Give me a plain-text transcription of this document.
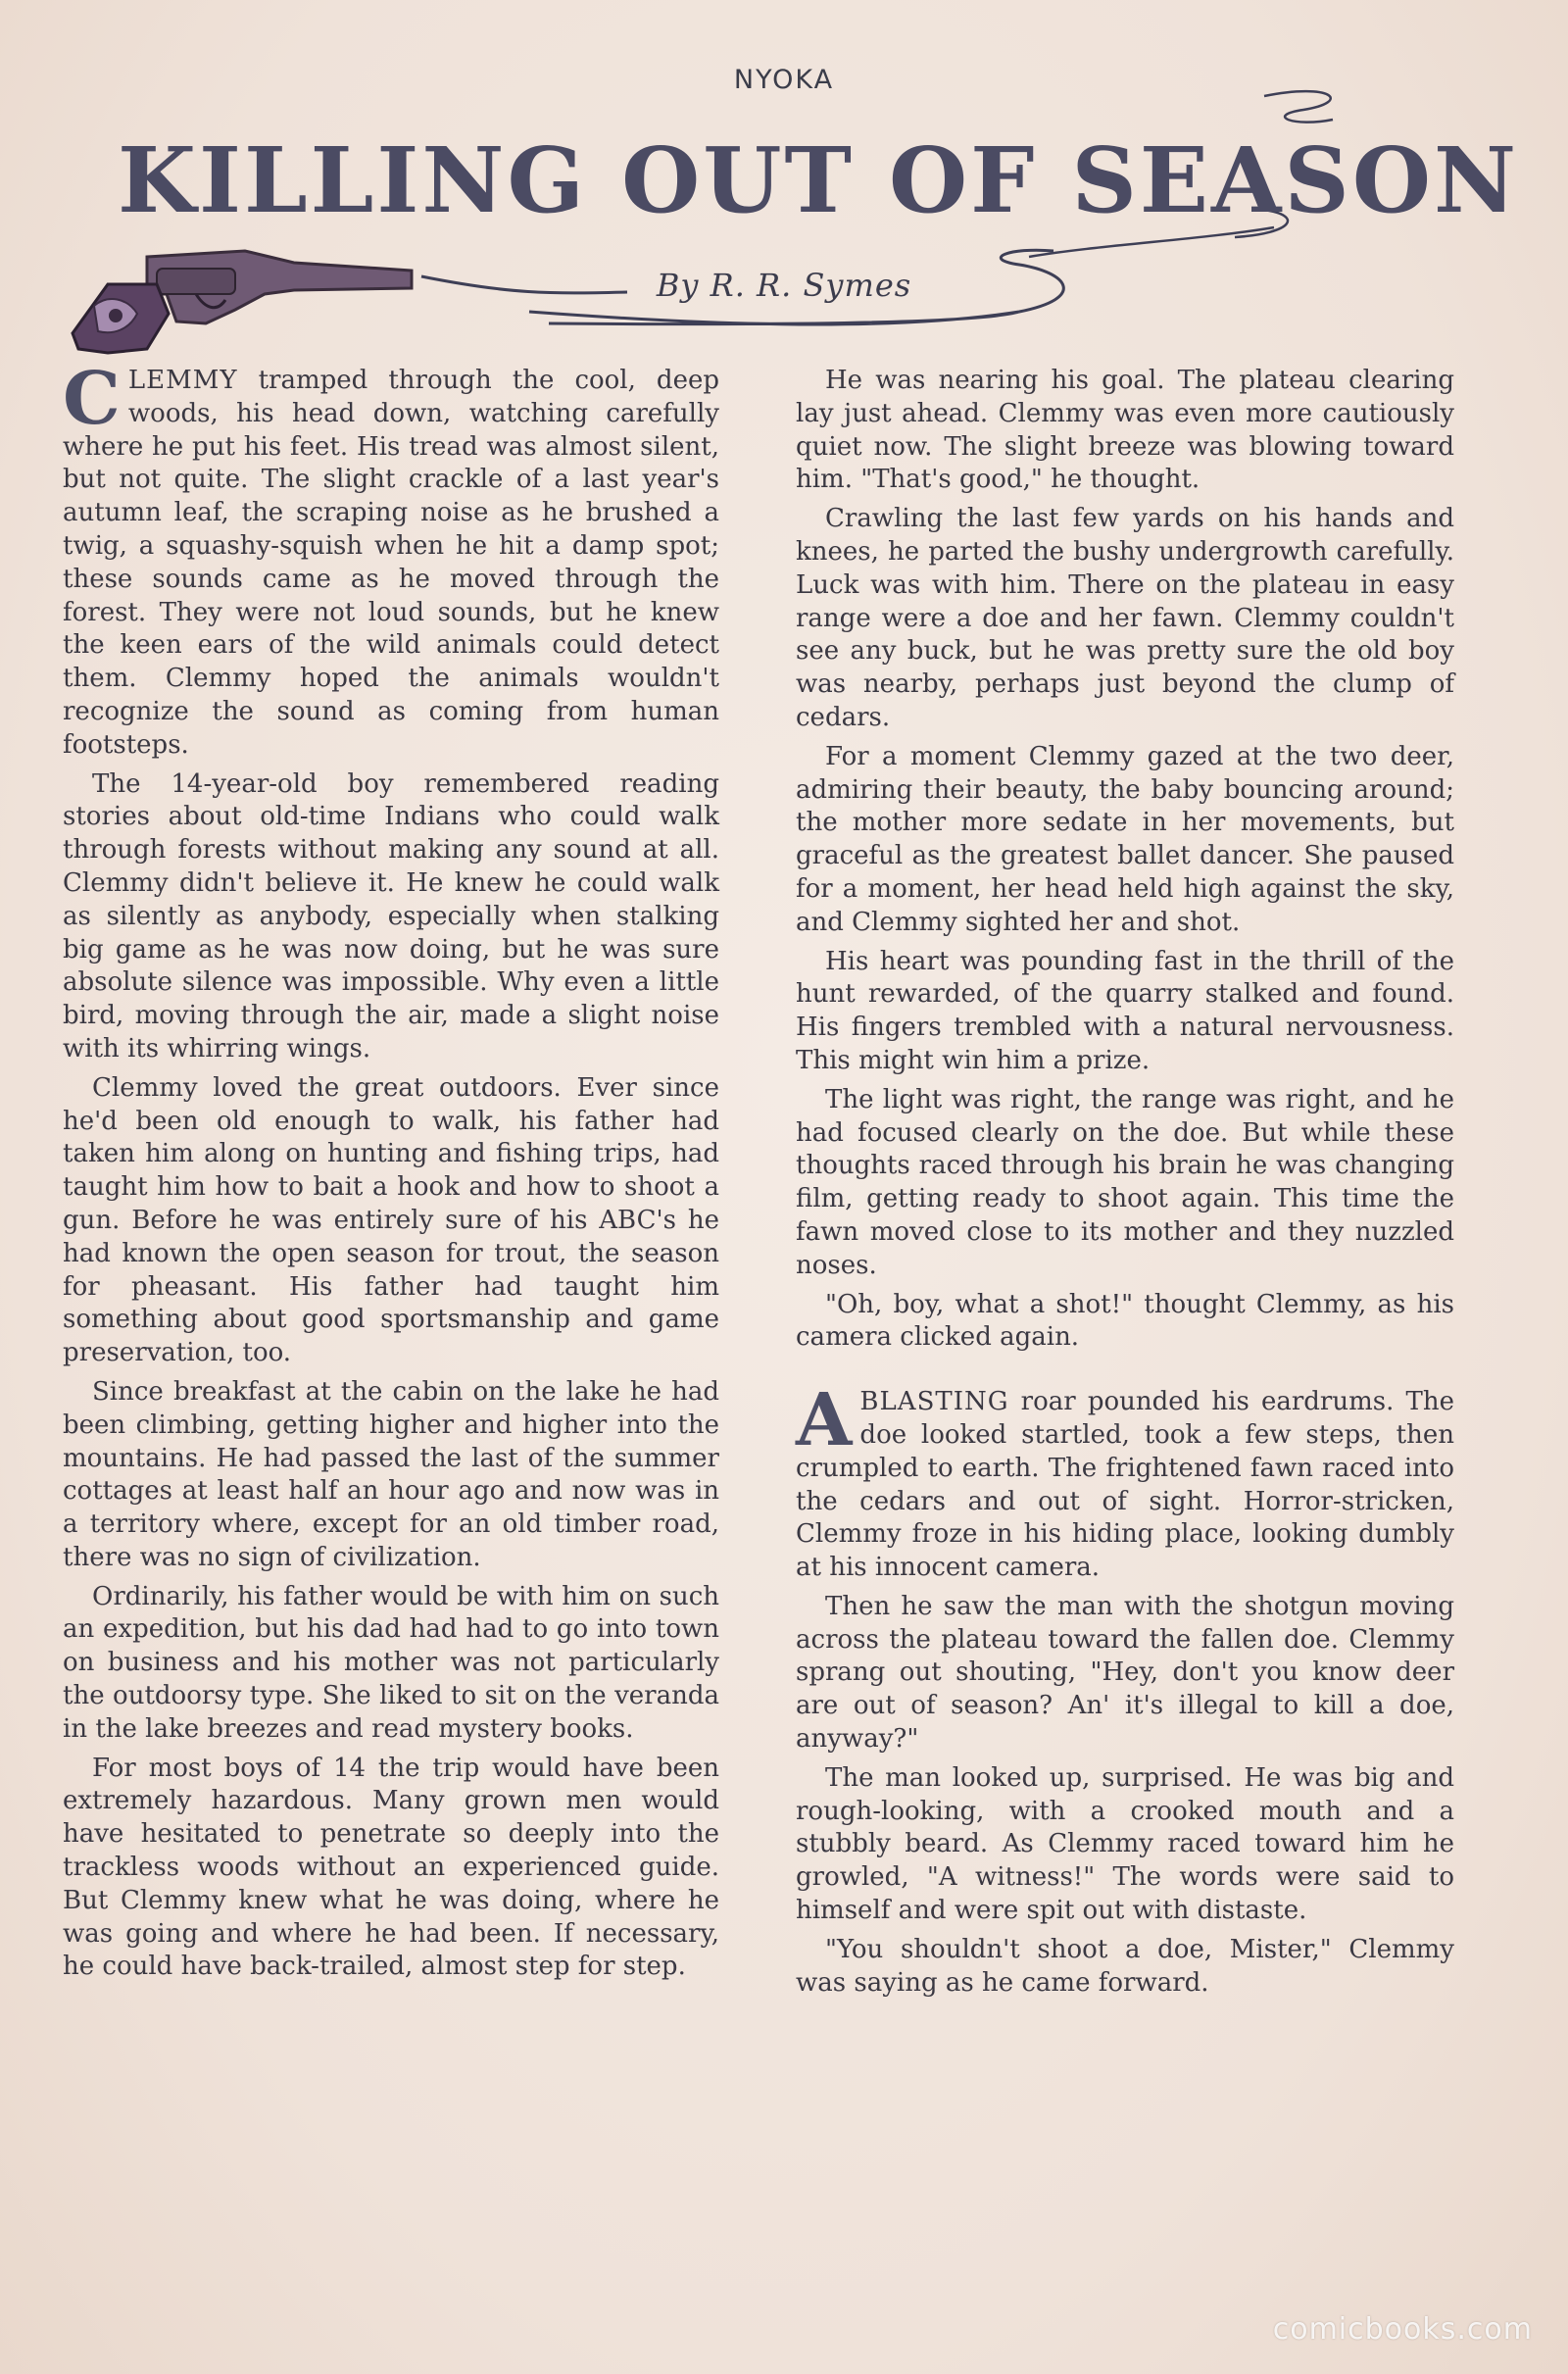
NYOKA
KILLING OUT OF SEASON
By R. R. Symes

CLEMMY tramped through the cool, deep woods, his head down, watching carefully where he put his feet. His tread was almost silent, but not quite. The slight crackle of a last year's autumn leaf, the scraping noise as he brushed a twig, a squashy-squish when he hit a damp spot; these sounds came as he moved through the forest. They were not loud sounds, but he knew the keen ears of the wild animals could detect them. Clemmy hoped the animals wouldn't recognize the sound as coming from human footsteps.

The 14-year-old boy remembered reading stories about old-time Indians who could walk through forests without making any sound at all. Clemmy didn't believe it. He knew he could walk as silently as anybody, especially when stalking big game as he was now doing, but he was sure absolute silence was impossible. Why even a little bird, moving through the air, made a slight noise with its whirring wings.

Clemmy loved the great outdoors. Ever since he'd been old enough to walk, his father had taken him along on hunting and fishing trips, had taught him how to bait a hook and how to shoot a gun. Before he was entirely sure of his ABC's he had known the open season for trout, the season for pheasant. His father had taught him something about good sportsmanship and game preservation, too.

Since breakfast at the cabin on the lake he had been climbing, getting higher and higher into the mountains. He had passed the last of the summer cottages at least half an hour ago and now was in a territory where, except for an old timber road, there was no sign of civilization.

Ordinarily, his father would be with him on such an expedition, but his dad had had to go into town on business and his mother was not particularly the outdoorsy type. She liked to sit on the veranda in the lake breezes and read mystery books.

For most boys of 14 the trip would have been extremely hazardous. Many grown men would have hesitated to penetrate so deeply into the trackless woods without an experienced guide. But Clemmy knew what he was doing, where he was going and where he had been. If necessary, he could have back-trailed, almost step for step.

He was nearing his goal. The plateau clearing lay just ahead. Clemmy was even more cautiously quiet now. The slight breeze was blowing toward him. "That's good," he thought.

Crawling the last few yards on his hands and knees, he parted the bushy undergrowth carefully. Luck was with him. There on the plateau in easy range were a doe and her fawn. Clemmy couldn't see any buck, but he was pretty sure the old boy was nearby, perhaps just beyond the clump of cedars.

For a moment Clemmy gazed at the two deer, admiring their beauty, the baby bouncing around; the mother more sedate in her movements, but graceful as the greatest ballet dancer. She paused for a moment, her head held high against the sky, and Clemmy sighted her and shot.

His heart was pounding fast in the thrill of the hunt rewarded, of the quarry stalked and found. His fingers trembled with a natural nervousness. This might win him a prize.

The light was right, the range was right, and he had focused clearly on the doe. But while these thoughts raced through his brain he was changing film, getting ready to shoot again. This time the fawn moved close to its mother and they nuzzled noses.

"Oh, boy, what a shot!" thought Clemmy, as his camera clicked again.

ABLASTING roar pounded his eardrums. The doe looked startled, took a few steps, then crumpled to earth. The frightened fawn raced into the cedars and out of sight. Horror-stricken, Clemmy froze in his hiding place, looking dumbly at his innocent camera.

Then he saw the man with the shotgun moving across the plateau toward the fallen doe. Clemmy sprang out shouting, "Hey, don't you know deer are out of season? An' it's illegal to kill a doe, anyway?"

The man looked up, surprised. He was big and rough-looking, with a crooked mouth and a stubbly beard. As Clemmy raced toward him he growled, "A witness!" The words were said to himself and were spit out with distaste.

"You shouldn't shoot a doe, Mister," Clemmy was saying as he came forward.

comicbooks.com
